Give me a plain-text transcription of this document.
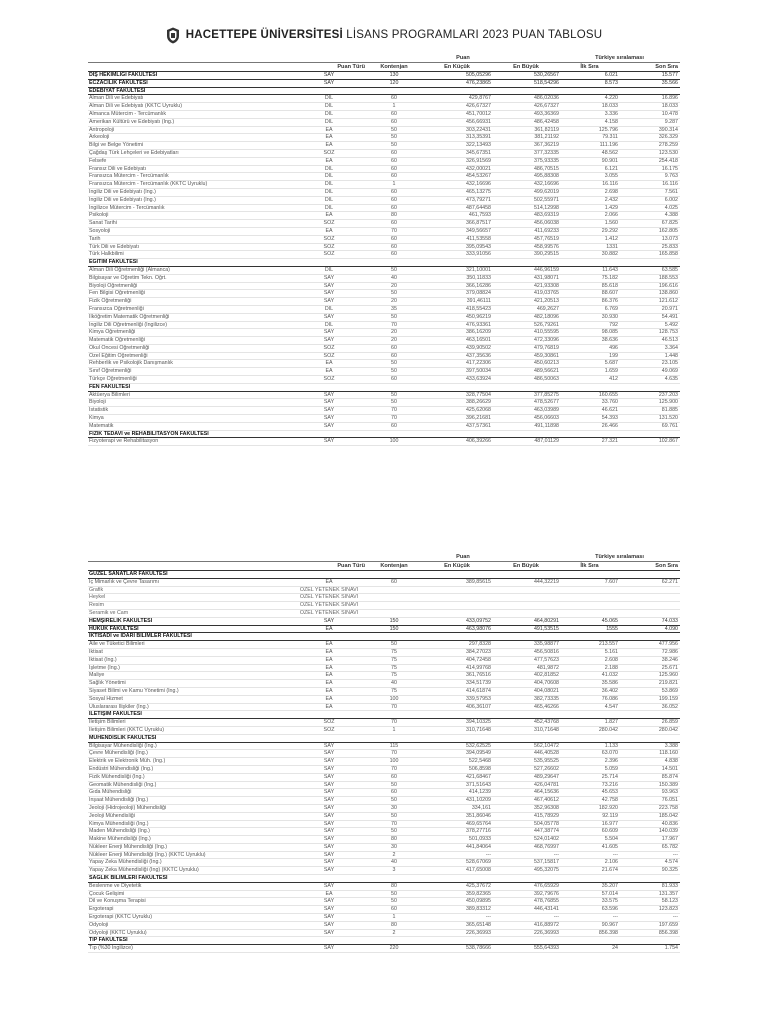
HACETTEPE ÜNİVERSİTESİ LİSANS PROGRAMLARI 2023 PUAN TABLOSU
Puan	Türkiye sıralaması
Puan Türü	Kontenjan	En Küçük	En Büyük	İlk Sıra	Son Sıra
DİŞ HEKİMLİĞİ FAKÜLTESİ	SAY	130	505,05296	530,26567	6.021	15.577
ECZACILIK FAKÜLTESİ	SAY	120	476,23865	518,54296	8.573	35.566
EDEBİYAT FAKÜLTESİ
Alman Dili ve Edebiyatı	DİL	60	429,8767	486,02036	4.220	16.896
Alman Dili ve Edebiyatı (KKTC Uyruklu)	DİL	1	426,67327	426,67327	18.033	18.033
Almanca Mütercim - Tercümanlık	DİL	60	451,70012	493,36369	3.336	10.478
Amerikan Kültürü ve Edebiyatı (İng.)	DİL	60	456,66931	486,42458	4.158	9.287
Antropoloji	EA	50	303,22431	361,82119	125.796	390.314
Arkeoloji	EA	50	313,35391	381,21192	79.311	326.329
Bilgi ve Belge Yönetimi	EA	50	322,13493	367,36219	111.196	278.259
Çağdaş Türk Lehçeleri ve Edebiyatları	SÖZ	60	345,67351	377,32335	48.562	123.530
Felsefe	EA	60	326,91569	375,93335	90.901	254.418
Fransız Dili ve Edebiyatı	DİL	60	432,00021	486,70515	6.121	16.175
Fransızca Mütercim - Tercümanlık	DİL	60	454,53267	495,88308	3.055	9.763
Fransızca Mütercim - Tercümanlık (KKTC Uyruklu)	DİL	1	432,16696	432,16696	16.116	16.116
İngiliz Dili ve Edebiyatı (İng.)	DİL	60	465,13275	499,62019	2.698	7.561
İngiliz Dili ve Edebiyatı (İng.)	DİL	60	473,79271	502,55971	2.432	6.002
İngilizce Mütercim - Tercümanlık	DİL	60	487,64458	514,12998	1.429	4.025
Psikoloji	EA	80	461,7593	483,69319	2.066	4.388
Sanat Tarihi	SÖZ	60	366,87517	456,06038	1.560	67.825
Sosyoloji	EA	70	349,56657	411,69233	29.292	162.805
Tarih	SÖZ	60	411,53558	457,76519	1.412	13.073
Türk Dili ve Edebiyatı	SÖZ	60	395,09543	458,99576	1331	25.833
Türk Halkbilimi	SÖZ	60	333,91056	390,29515	30.882	165.858
EĞİTİM FAKÜLTESİ
Alman Dili Öğretmenliği (Almanca)	DİL	50	321,10001	446,96159	11.643	63.585
Bilgisayar ve Öğretim Tekn. Öğrt.	SAY	40	350,11833	431,98071	75.182	188.553
Biyoloji Öğretmenliği	SAY	20	366,16286	421,93308	85.618	196.616
Fen Bilgisi Öğretmenliği	SAY	50	379,08824	419,03765	88.607	138.860
Fizik Öğretmenliği	SAY	20	391,46111	421,20513	86.376	121.612
Fransızca Öğretmenliği	DİL	35	418,55423	469,2627	6.769	20.971
İlköğretim Matematik Öğretmenliği	SAY	50	450,96219	482,18096	30.930	54.491
İngiliz Dili Öğretmenliği (İngilizce)	DİL	70	476,93361	526,79261	792	5.492
Kimya Öğretmenliği	SAY	20	386,16209	410,55595	98.085	128.753
Matematik Öğretmenliği	SAY	20	463,16501	472,33096	38.636	46.513
Okul Öncesi Öğretmenliği	SÖZ	60	439,90502	479,76819	496	3.364
Özel Eğitim Öğretmenliği	SÖZ	60	437,35636	459,30861	199	1.448
Rehberlik ve Psikolojik Danışmanlık	EA	50	417,22306	450,60213	5.687	23.105
Sınıf Öğretmenliği	EA	50	397,50034	489,56621	1.659	49.069
Türkçe Öğretmenliği	SÖZ	60	433,63924	486,50063	412	4.635
FEN FAKÜLTESİ
Aktüerya Bilimleri	SAY	50	328,77504	377,85275	160.655	237.203
Biyoloji	SAY	50	388,26629	478,52677	33.760	125.900
İstatistik	SAY	70	425,62068	463,03989	46.621	81.885
Kimya	SAY	70	396,21681	456,06603	54.393	131.520
Matematik	SAY	60	437,57361	491,11898	26.466	69.761
FİZİK TEDAVİ ve REHABİLİTASYON FAKÜLTESİ
Fizyoterapi ve Rehabilitasyon	SAY	100	406,39266	487,01129	27.321	102.867
Puan	Türkiye sıralaması
Puan Türü	Kontenjan	En Küçük	En Büyük	İlk Sıra	Son Sıra
GÜZEL SANATLAR FAKÜLTESİ
İç Mimarlık ve Çevre Tasarımı	EA	60	389,85615	444,32219	7.607	62.271
Grafik	ÖZEL YETENEK SINAVI
Heykel	ÖZEL YETENEK SINAVI
Resim	ÖZEL YETENEK SINAVI
Seramik ve Cam	ÖZEL YETENEK SINAVI
HEMŞİRELİK FAKÜLTESİ	SAY	150	433,09752	464,80291	45.065	74.033
HUKUK FAKÜLTESİ	EA	150	463,98076	491,53515	1555	4.090
İKTİSADİ ve İDARİ BİLİMLER FAKÜLTESİ
Aile ve Tüketici Bilimleri	EA	50	297,8328	335,98877	213.557	477.956
İktisat	EA	75	384,27023	456,50816	5.161	72.986
İktisat (İng.)	EA	75	404,72458	477,57623	2.608	38.246
İşletme (İng.)	EA	75	414,99768	481,9872	2.188	25.671
Maliye	EA	75	361,76516	402,81852	41.032	125.960
Sağlık Yönetimi	EA	40	334,51739	404,70608	35.586	219.821
Siyaset Bilimi ve Kamu Yönetimi (İng.)	EA	75	414,61874	404,08021	36.402	53.869
Sosyal Hizmet	EA	100	339,57953	382,73335	76.086	199.159
Uluslararası İlişkiler (İng.)	EA	70	406,36107	465,46266	4.547	36.052
İLETİŞİM FAKÜLTESİ
İletişim Bilimleri	SÖZ	70	394,10325	452,43768	1.827	26.859
İletişim Bilimleri (KKTC Uyruklu)	SÖZ	1	310,71648	310,71648	280.042	280.042
MÜHENDİSLİK FAKÜLTESİ
Bilgisayar Mühendisliği (İng.)	SAY	115	532,62525	562,10472	1.133	3.388
Çevre Mühendisliği (İng.)	SAY	70	394,09549	446,40528	63.070	118.160
Elektrik ve Elektronik Müh. (İng.)	SAY	100	522,5468	535,95525	2.396	4.838
Endüstri Mühendisliği (İng.)	SAY	70	506,8598	527,26602	5.059	14.501
Fizik Mühendisliği (İng.)	SAY	60	421,68467	489,29647	25.714	85.874
Geomatik Mühendisliği (İng.)	SAY	50	371,51643	426,04781	73.216	150.389
Gıda Mühendisliği	SAY	60	414,1239	464,15636	45.653	93.963
İnşaat Mühendisliği (İng.)	SAY	50	431,10209	467,40612	42.758	76.051
Jeoloji (Hidrojeoloji) Mühendisliği	SAY	30	334,161	352,96308	182.920	223.758
Jeoloji Mühendisliği	SAY	50	351,86046	415,78929	92.119	185.042
Kimya Mühendisliği (İng.)	SAY	70	469,65764	504,05778	16.977	40.836
Maden Mühendisliği (İng.)	SAY	50	378,27716	447,38774	60.609	140.039
Makine Mühendisliği (İng.)	SAY	80	501,0933	524,01402	5.504	17.967
Nükleer Enerji Mühendisliği (İng.)	SAY	30	441,84064	468,76997	41.605	65.782
Nükleer Enerji Mühendisliği (İng.) (KKTC Uyruklu)	SAY	2	---	---	---	---
Yapay Zeka Mühendisliği (İng.)	SAY	40	528,67069	537,15817	2.106	4.574
Yapay Zeka Mühendisliği (İng) (KKTC Uyruklu)	SAY	3	417,65008	495,32075	21.674	90.325
SAĞLIK BİLİMLERİ FAKÜLTESİ
Beslenme ve Diyetetik	SAY	80	425,37672	476,65929	35.207	81.933
Çocuk Gelişimi	EA	50	359,82365	392,79676	57.014	131.357
Dil ve Konuşma Terapisi	SAY	50	450,09895	478,76855	33.575	58.123
Ergoterapi	SAY	60	389,83312	446,43141	63.596	123.823
Ergoterapi (KKTC Uyruklu)	SAY	1	---	---	---	---
Odyoloji	SAY	80	365,65148	416,88972	90.967	197.659
Odyoloji (KKTC Uyruklu)	SAY	2	226,36993	226,36993	856.398	856.398
TIP FAKÜLTESİ
Tıp (%30 İngilizce)	SAY	220	538,78666	555,64393	24	1.754
